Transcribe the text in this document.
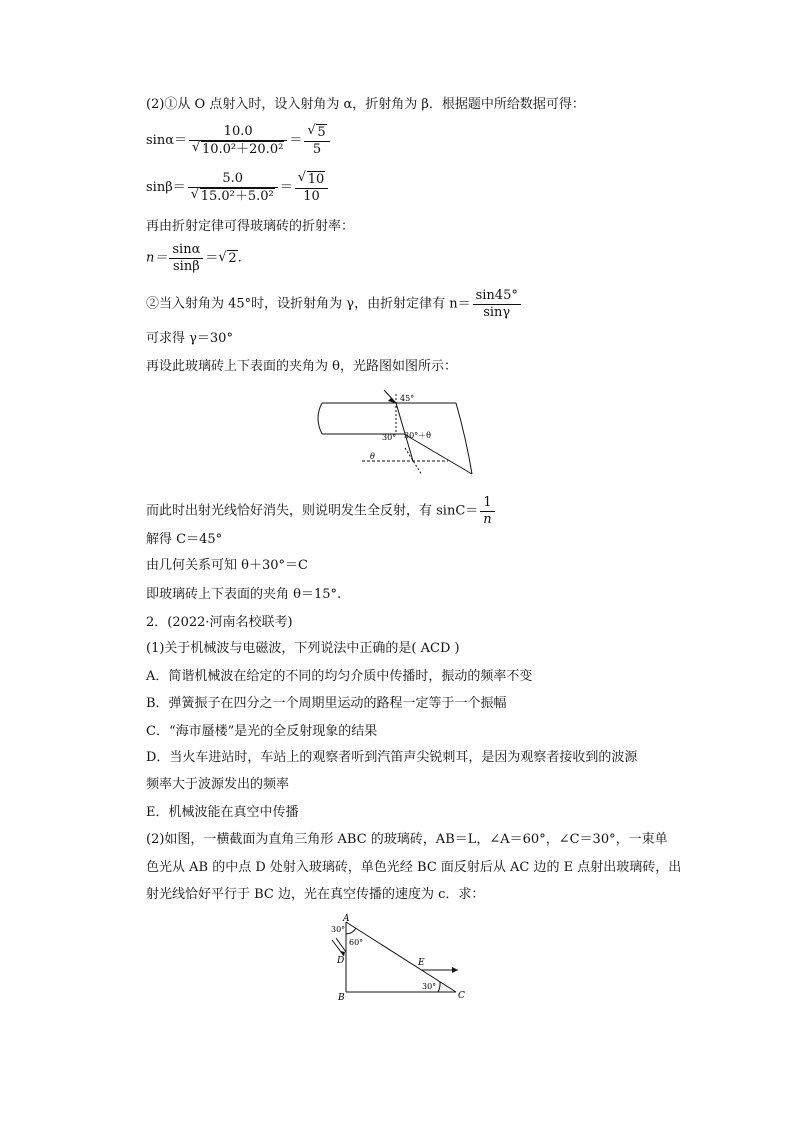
(2)①从 O 点射入时，设入射角为 α，折射角为 β．根据题中所给数据可得：
sinα＝ 10.0
√ 10.0²＋20.0² ＝ √ $\frac{5}{5}$
sinβ＝ 5.0
√ 15.0²＋5.0² ＝ √ $\frac{10}{10}$
再由折射定律可得玻璃砖的折射率：
$n= \frac{\sin\alpha}{\sin\beta}$ ＝ √ 2.
②当入射角为 45°时，设折射角为 γ，由折射定律有 $n= \frac{\sin 45^\circ}{\sin\gamma}$
可求得 γ＝30°
再设此玻璃砖上下表面的夹角为 θ，光路图如图所示：
45°
30° 30°＋θ
θ
而此时出射光线恰好消失，则说明发生全反射，有 $\sin C= \frac{1}{n}$
解得 C＝45°
由几何关系可知 θ＋30°＝C
即玻璃砖上下表面的夹角 θ＝15°.
2．(2022·河南名校联考)
(1)关于机械波与电磁波，下列说法中正确的是( ACD )
A．简谐机械波在给定的不同的均匀介质中传播时，振动的频率不变
B．弹簧振子在四分之一个周期里运动的路程一定等于一个振幅
C．“海市蜃楼”是光的全反射现象的结果
D．当火车进站时，车站上的观察者听到汽笛声尖锐刺耳，是因为观察者接收到的波源
频率大于波源发出的频率
E．机械波能在真空中传播
(2)如图，一横截面为直角三角形 ABC 的玻璃砖，AB＝L，∠A＝60°，∠C＝30°，一束单
色光从 AB 的中点 D 处射入玻璃砖，单色光经 BC 面反射后从 AC 边的 E 点射出玻璃砖，出
射光线恰好平行于 BC 边，光在真空传播的速度为 c．求：
A
B	C
D	E
30°
60°
30°
